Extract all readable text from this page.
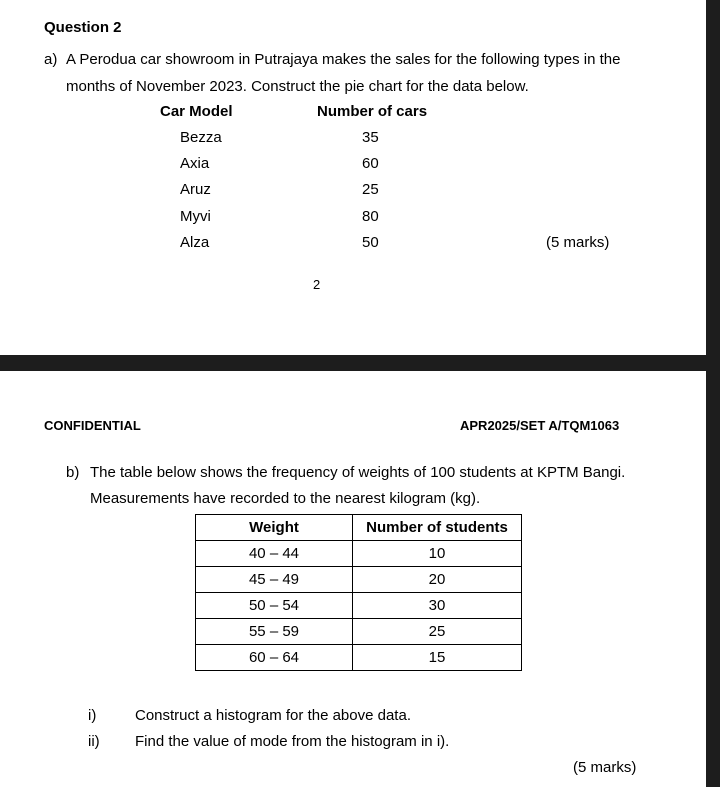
Question 2
a) A Perodua car showroom in Putrajaya makes the sales for the following types in the
months of November 2023. Construct the pie chart for the data below.
Car Model	Number of cars
Bezza	35
Axia	60
Aruz	25
Myvi	80
Alza	50	(5 marks)
2
CONFIDENTIAL	APR2025/SET A/TQM1063
b) The table below shows the frequency of weights of 100 students at KPTM Bangi.
Measurements have recorded to the nearest kilogram (kg).
Weight	Number of students
40 – 44	10
45 – 49	20
50 – 54	30
55 – 59	25
60 – 64	15
i)	Construct a histogram for the above data.
ii) Find the value of mode from the histogram in i).
(5 marks)
